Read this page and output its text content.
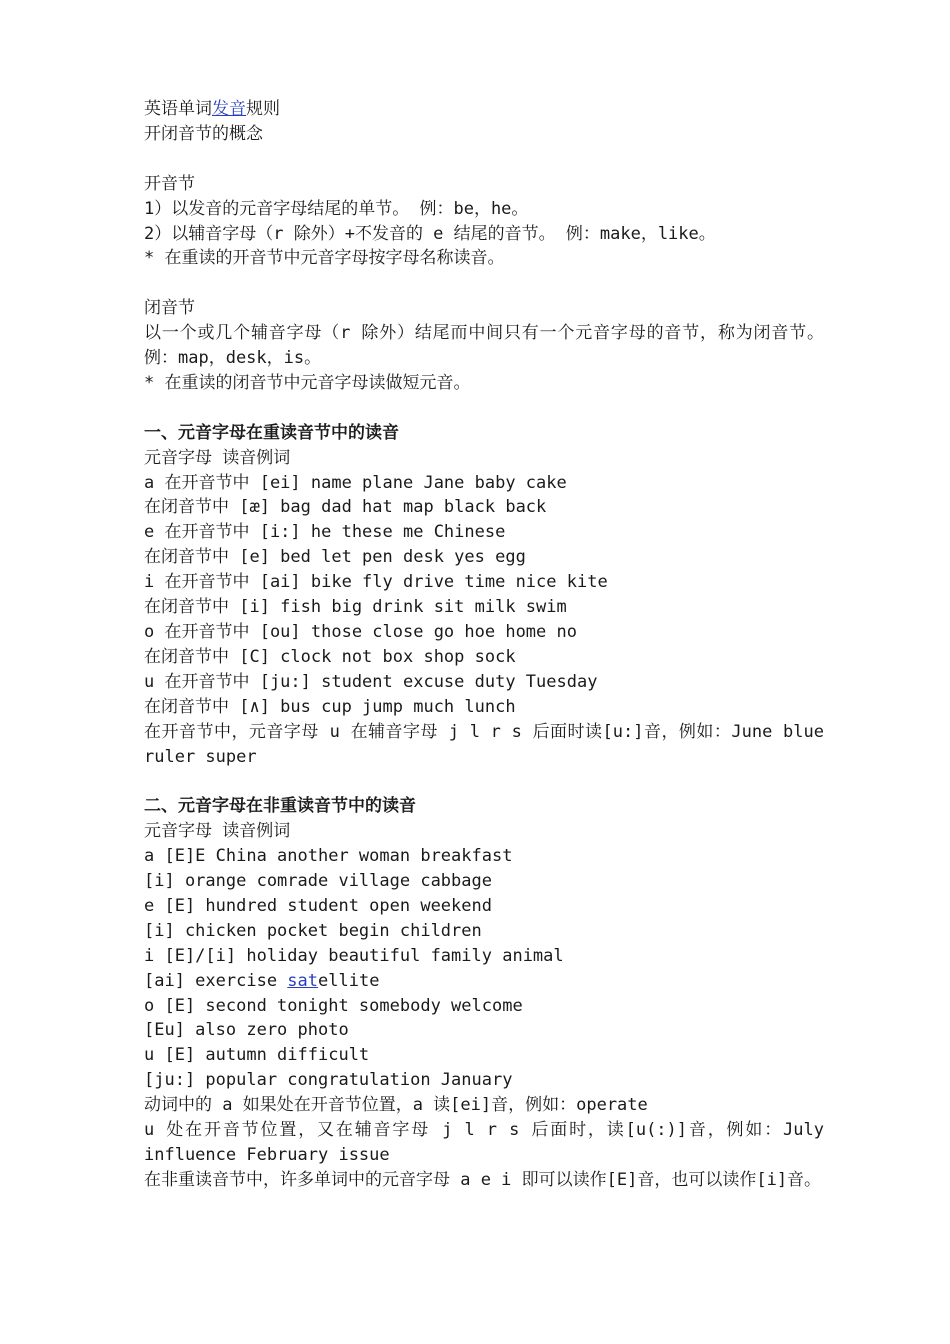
英语单词发音规则
开闭音节的概念
开音节
1）以发音的元音字母结尾的单节。 例：be，he。
2）以辅音字母（r 除外）+不发音的 e 结尾的音节。 例：make，like。
* 在重读的开音节中元音字母按字母名称读音。
闭音节
以一个或几个辅音字母（r 除外）结尾而中间只有一个元音字母的音节，称为闭音节。例：map，desk，is。
* 在重读的闭音节中元音字母读做短元音。
一、元音字母在重读音节中的读音
元音字母 读音例词
a 在开音节中 [ei] name plane Jane baby cake
在闭音节中 [æ] bag dad hat map black back
e 在开音节中 [i:] he these me Chinese
在闭音节中 [e] bed let pen desk yes egg
i 在开音节中 [ai] bike fly drive time nice kite
在闭音节中 [i] fish big drink sit milk swim
o 在开音节中 [ou] those close go hoe home no
在闭音节中 [C] clock not box shop sock
u 在开音节中 [ju:] student excuse duty Tuesday
在闭音节中 [∧] bus cup jump much lunch
在开音节中，元音字母 u 在辅音字母 j l r s 后面时读[u:]音，例如：June blue ruler super
二、元音字母在非重读音节中的读音
元音字母 读音例词
a [E]E China another woman breakfast
[i] orange comrade village cabbage
e [E] hundred student open weekend
[i] chicken pocket begin children
i [E]/[i] holiday beautiful family animal
[ai] exercise satellite
o [E] second tonight somebody welcome
[Eu] also zero photo
u [E] autumn difficult
[ju:] popular congratulation January
动词中的 a 如果处在开音节位置，a 读[ei]音，例如：operate
u 处在开音节位置，又在辅音字母 j l r s 后面时，读[u(:)]音，例如：July influence February issue
在非重读音节中，许多单词中的元音字母 a e i 即可以读作[E]音，也可以读作[i]音。
